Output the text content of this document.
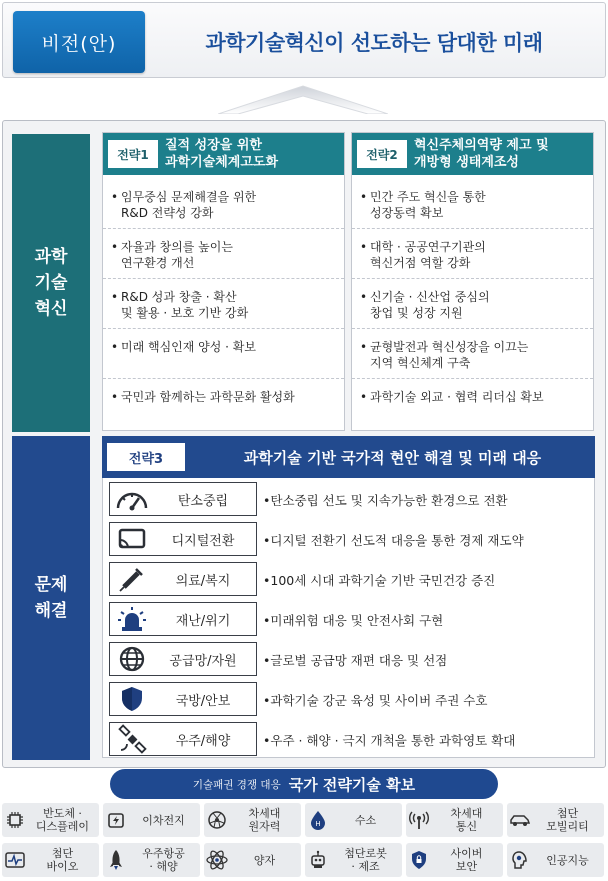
비전(안)	과학기술혁신이 선도하는 담대한 미래
과학
기술
혁신
문제
해결
전략1
질적 성장을 위한
과학기술체계고도화
• 임무중심 문제해결을 위한
R&D 전략성 강화
• 자율과 창의를 높이는
연구환경 개선
• R&D 성과 창출 · 확산
및 활용 · 보호 기반 강화
• 미래 핵심인재 양성 · 확보
• 국민과 함께하는 과학문화 활성화
전략2
혁신주체의역량 제고 및
개방형 생태계조성
• 민간 주도 혁신을 통한
성장동력 확보
• 대학 · 공공연구기관의
혁신거점 역할 강화
• 신기술 · 신산업 중심의
창업 및 성장 지원
• 균형발전과 혁신성장을 이끄는
지역 혁신체계 구축
• 과학기술 외교 · 협력 리더십 확보
전략3	과학기술 기반 국가적 현안 해결 및 미래 대응
탄소중립	•탄소중립 선도 및 지속가능한 환경으로 전환
디지털전환	•디지털 전환기 선도적 대응을 통한 경제 재도약
의료/복지	•100세 시대 과학기술 기반 국민건강 증진
재난/위기	•미래위험 대응 및 안전사회 구현
공급망/자원	•글로벌 공급망 재편 대응 및 선점
국방/안보	•과학기술 강군 육성 및 사이버 주권 수호
우주/해양	•우주 · 해양 · 극지 개척을 통한 과학영토 확대
기술패권 경쟁 대응 국가 전략기술 확보
반도체 ·
디스플레이	이차전지	차세대
원자력	H	수소	차세대
통신
첨단
모빌리티
첨단
바이오
우주항공
· 해양	양자	첨단로봇
· 제조
사이버
보안	인공지능
